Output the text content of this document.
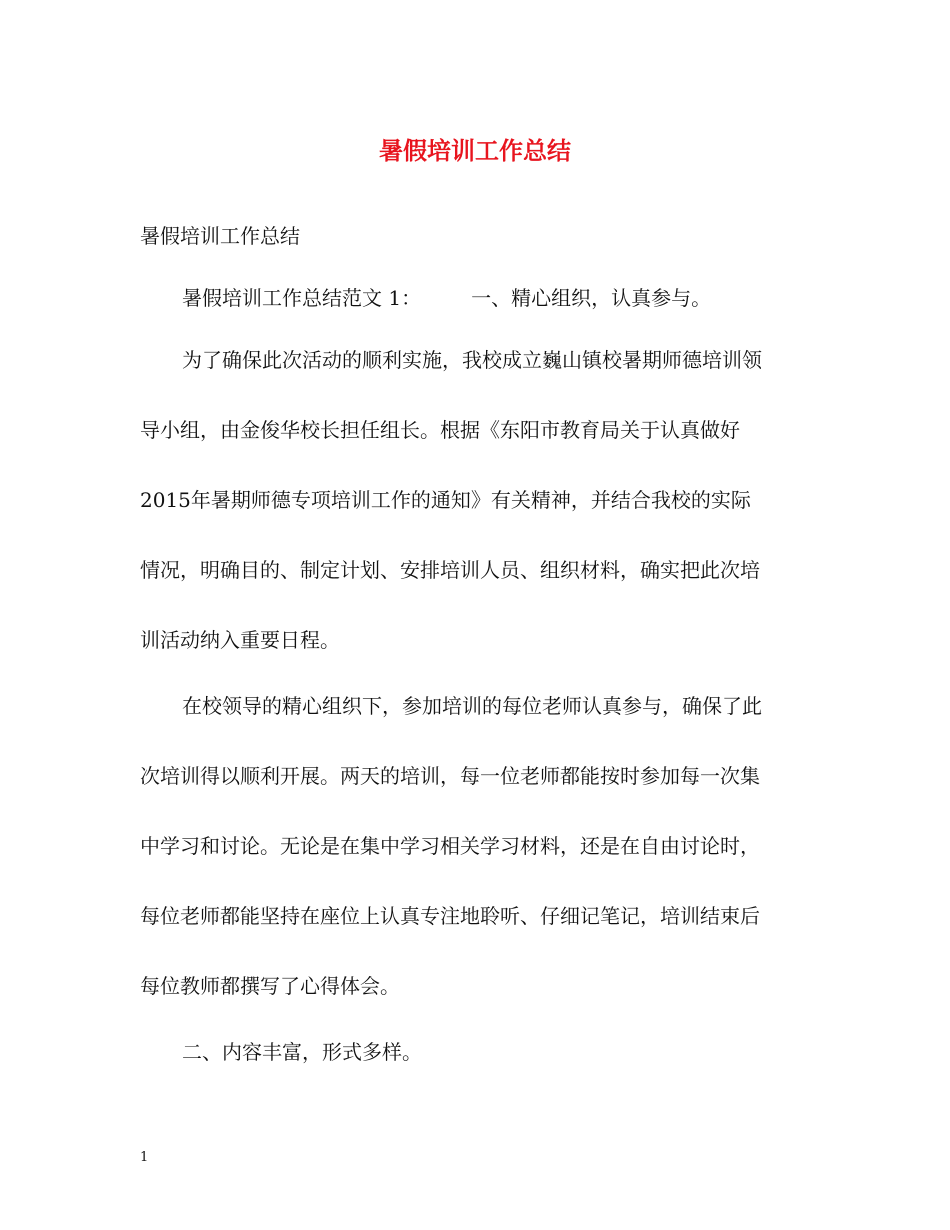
暑假培训工作总结

暑假培训工作总结

暑假培训工作总结范文 1：	一、精心组织，认真参与。

为了确保此次活动的顺利实施，我校成立巍山镇校暑期师德培训领

导小组，由金俊华校长担任组长。根据《东阳市教育局关于认真做好

2015年暑期师德专项培训工作的通知》有关精神，并结合我校的实际

情况，明确目的、制定计划、安排培训人员、组织材料，确实把此次培

训活动纳入重要日程。

在校领导的精心组织下，参加培训的每位老师认真参与，确保了此

次培训得以顺利开展。两天的培训，每一位老师都能按时参加每一次集

中学习和讨论。无论是在集中学习相关学习材料，还是在自由讨论时，

每位老师都能坚持在座位上认真专注地聆听、仔细记笔记，培训结束后

每位教师都撰写了心得体会。

二、内容丰富，形式多样。

1
